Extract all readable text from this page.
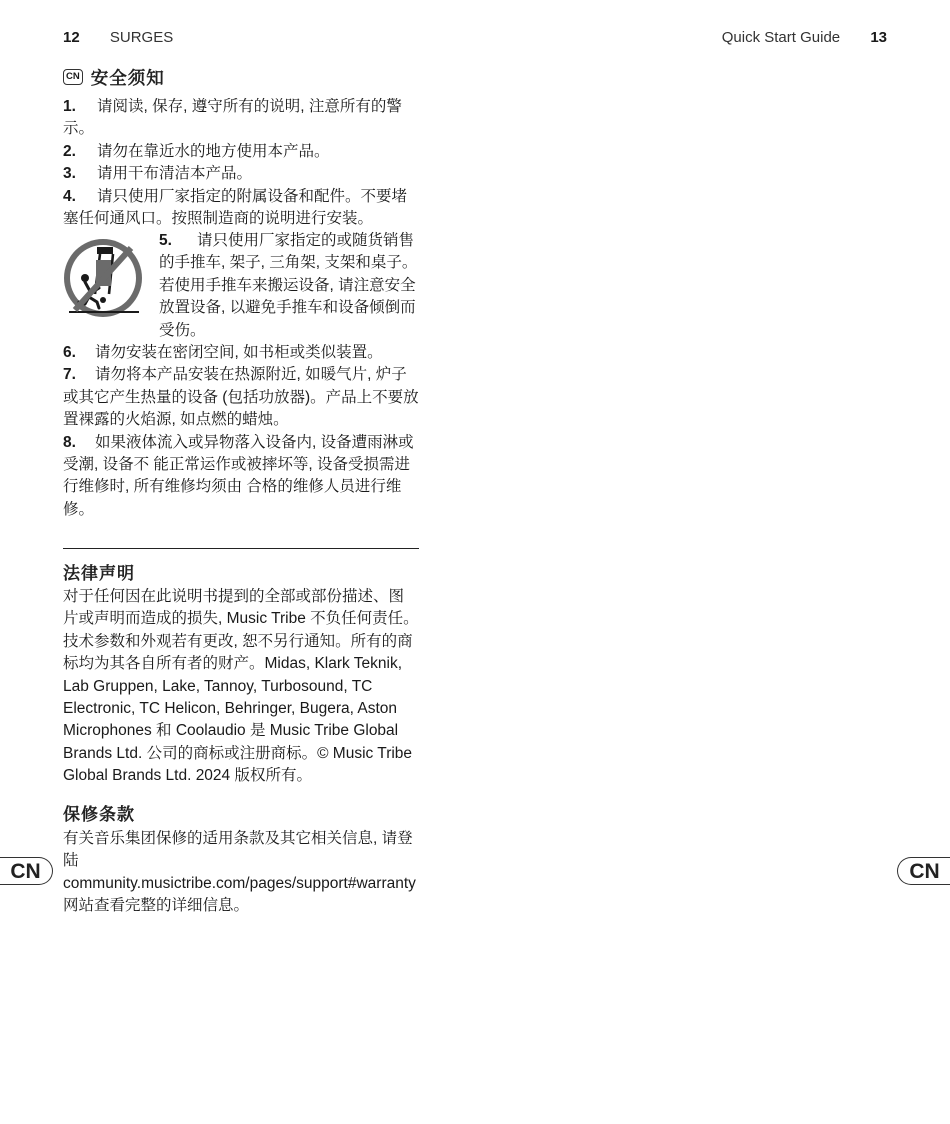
12 SURGES	Quick Start Guide 13
CN 安全须知
1. 请阅读, 保存, 遵守所有的说明, 注意所有的警示。
2. 请勿在靠近水的地方使用本产品。
3. 请用干布清洁本产品。
4. 请只使用厂家指定的附属设备和配件。不要堵塞任何通风口。按照制造商的说明进行安装。
5. 请只使用厂家指定的或随货销售的手推车, 架子, 三角架, 支架和桌子。若使用手推车来搬运设备, 请注意安全放置设备, 以避免手推车和设备倾倒而受伤。
6. 请勿安装在密闭空间, 如书柜或类似装置。
7. 请勿将本产品安装在热源附近, 如暖气片, 炉子或其它产生热量的设备 (包括功放器)。产品上不要放置裸露的火焰源, 如点燃的蜡烛。
8. 如果液体流入或异物落入设备内, 设备遭雨淋或受潮, 设备不 能正常运作或被摔坏等, 设备受损需进行维修时, 所有维修均须由 合格的维修人员进行维修。
法律声明
对于任何因在此说明书提到的全部或部份描述、图片或声明而造成的损失, Music Tribe 不负任何责任。技术参数和外观若有更改, 恕不另行通知。所有的商标均为其各自所有者的财产。Midas, Klark Teknik, Lab Gruppen, Lake, Tannoy, Turbosound, TC Electronic, TC Helicon, Behringer, Bugera, Aston Microphones 和 Coolaudio 是 Music Tribe Global Brands Ltd. 公司的商标或注册商标。© Music Tribe Global Brands Ltd. 2024 版权所有。
保修条款
有关音乐集团保修的适用条款及其它相关信息, 请登陆 community.musictribe.com/pages/support#warranty 网站查看完整的详细信息。
CN	CN
